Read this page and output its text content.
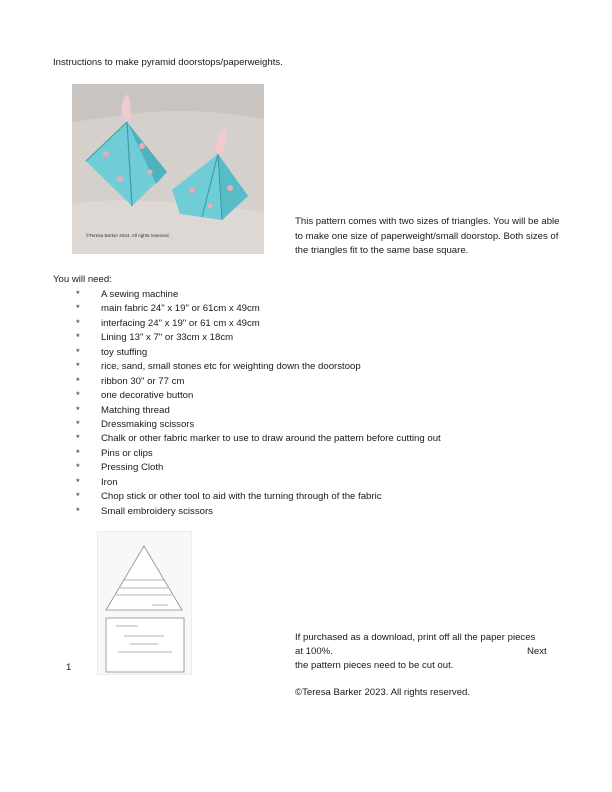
Instructions to make pyramid doorstops/paperweights.
©Teresa Barker 2024. All rights reserved.
This pattern comes with two sizes of triangles. You will be able to make one size of paperweight/small doorstop. Both sizes of the triangles fit to the same base square.
You will need:
* A sewing machine
* main fabric 24" x 19" or 61cm x 49cm
* interfacing 24" x 19" or 61 cm x 49cm
* Lining 13" x 7" or 33cm x 18cm
* toy stuffing
* rice, sand, small stones etc for weighting down the doorstoop
* ribbon 30" or 77 cm
* one decorative button
* Matching thread
* Dressmaking scissors
* Chalk or other fabric marker to use to draw around the pattern before cutting out
* Pins or clips
* Pressing Cloth
* Iron
* Chop stick or other tool to aid with the turning through of the fabric
* Small embroidery scissors
1
If purchased as a download, print off all the paper pieces
at 100%.	Next
the pattern pieces need to be cut out.
©Teresa Barker 2023. All rights reserved.
